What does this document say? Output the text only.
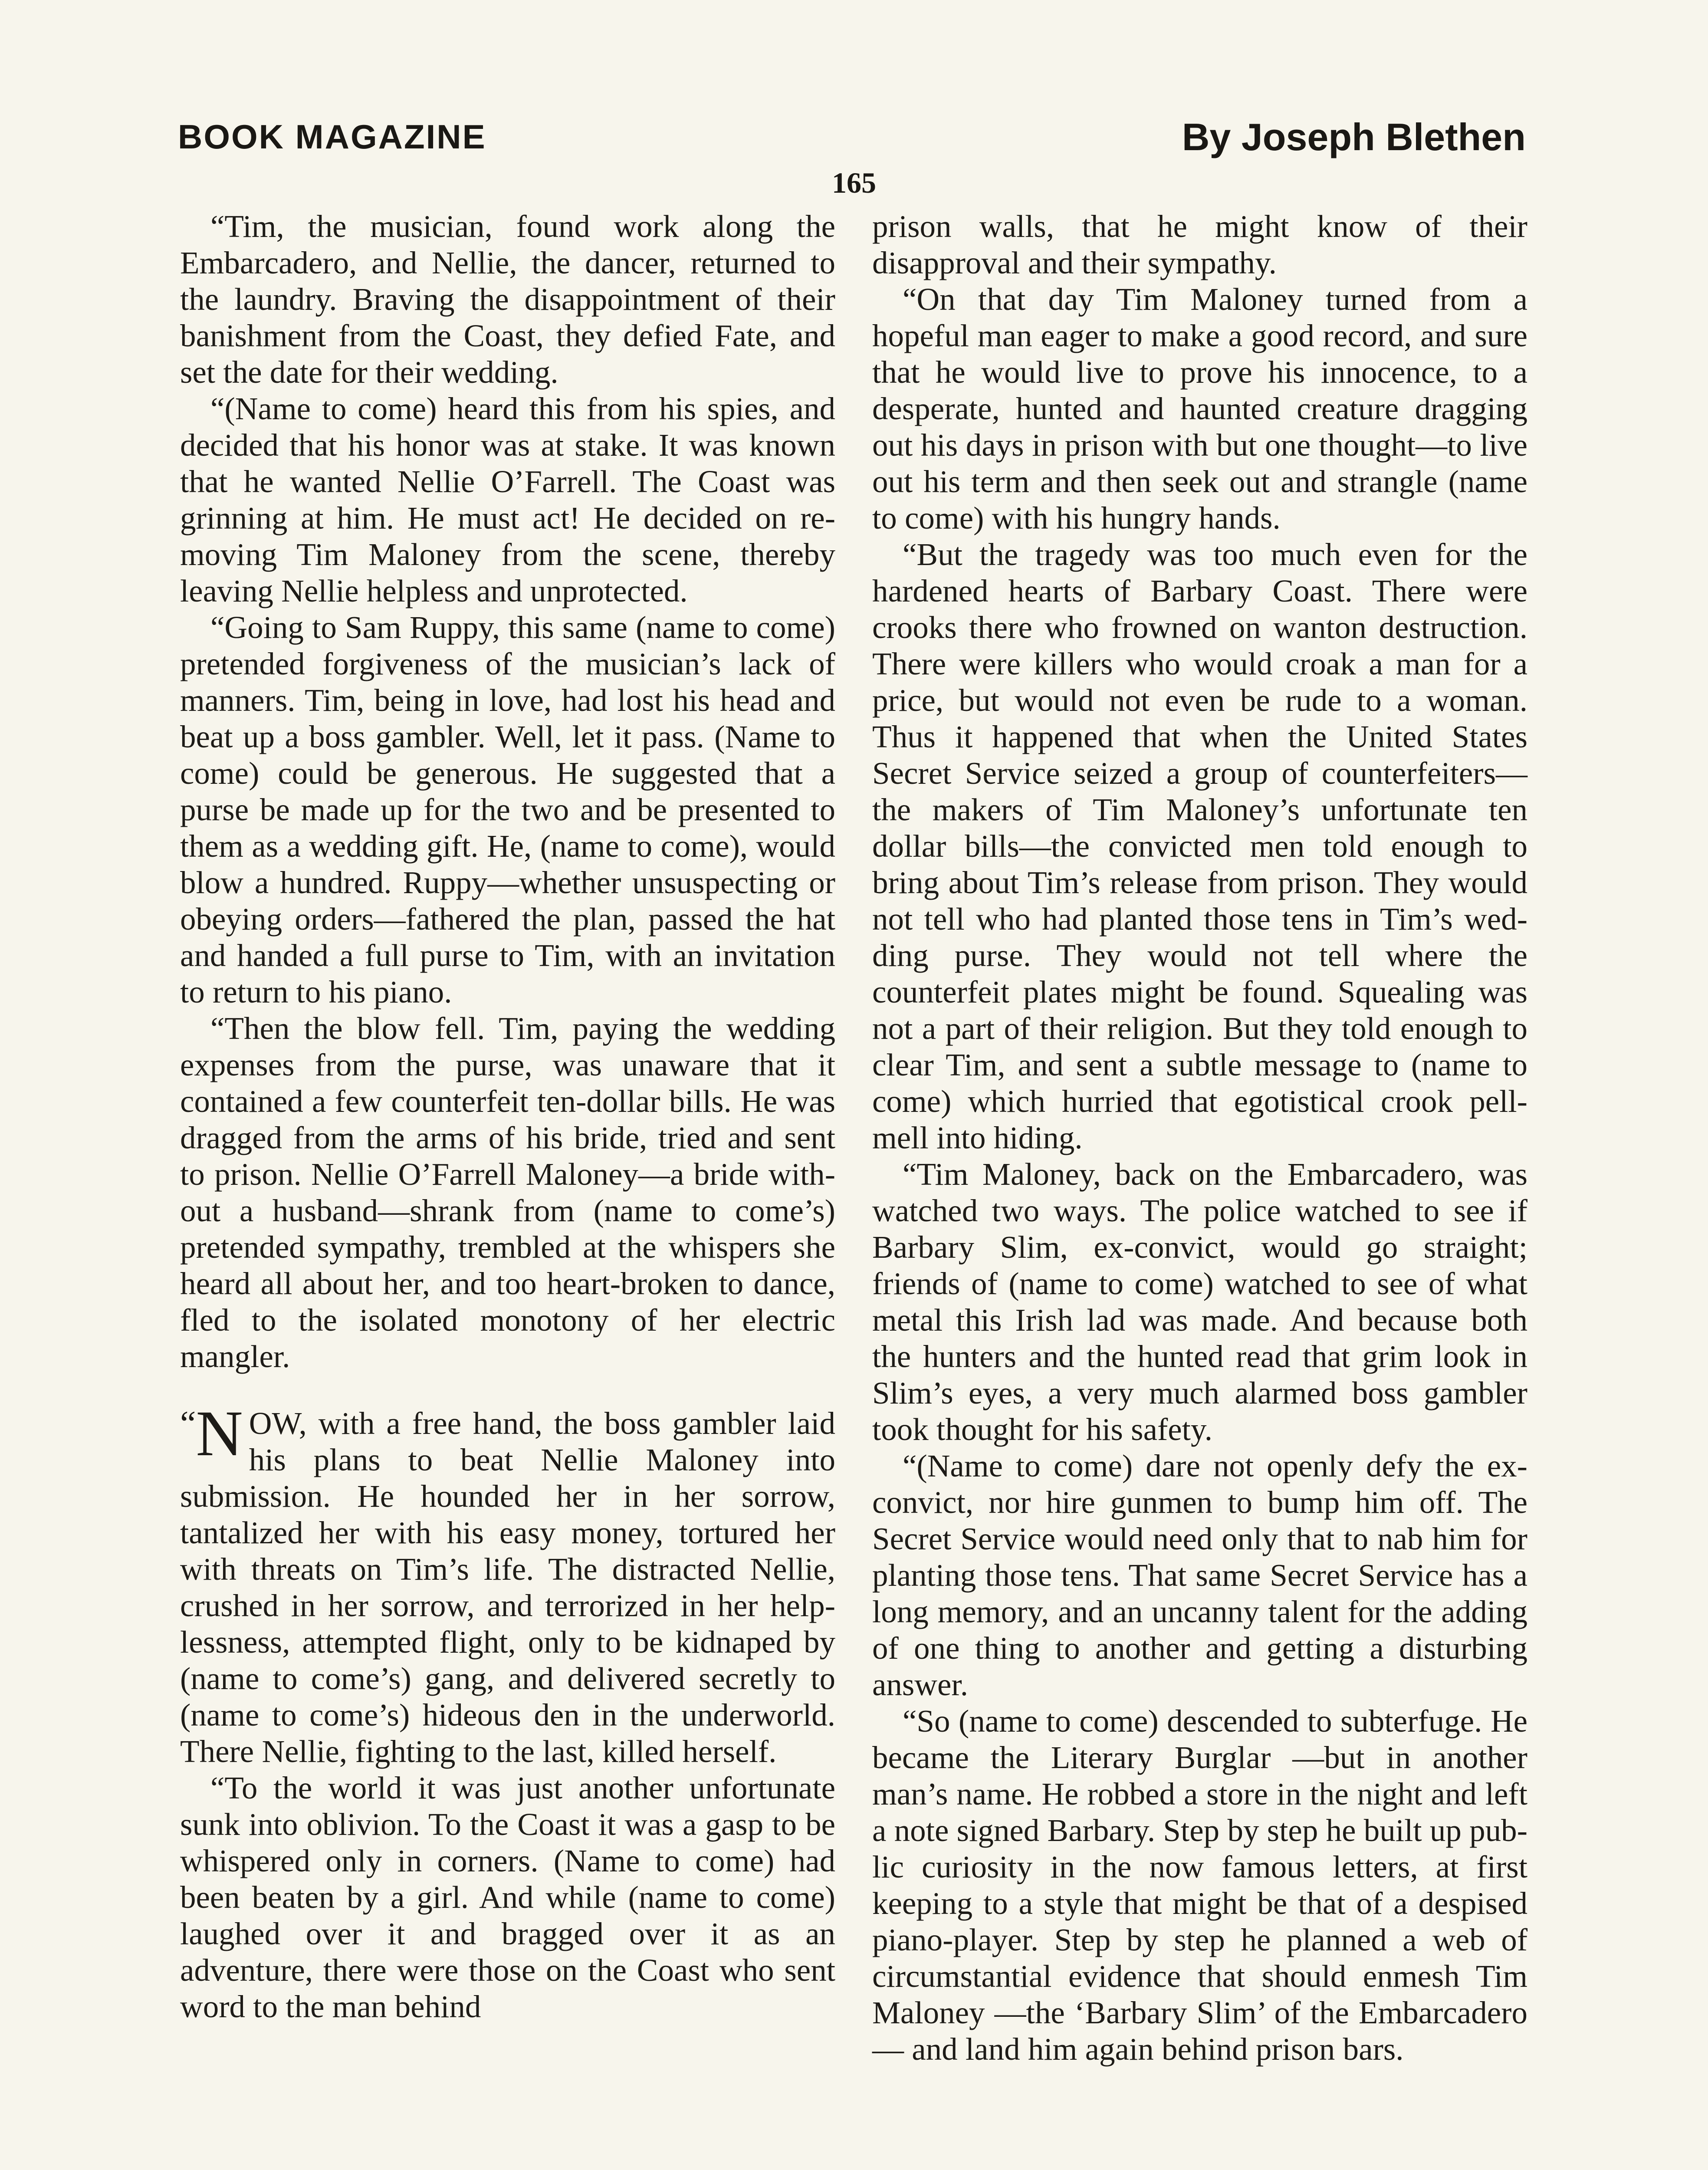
BOOK MAGAZINE	By Joseph Blethen
165

“Tim, the musician, found work along the Embarcadero, and Nellie, the dancer, returned to the laundry. Braving the disappointment of their banishment from the Coast, they defied Fate, and set the date for their wedding.

“(Name to come) heard this from his spies, and decided that his honor was at stake. It was known that he wanted Nellie O’Farrell. The Coast was grinning at him. He must act! He decided on removing Tim Maloney from the scene, thereby leaving Nellie helpless and unprotected.

“Going to Sam Ruppy, this same (name to come) pretended forgiveness of the musician’s lack of manners. Tim, being in love, had lost his head and beat up a boss gambler. Well, let it pass. (Name to come) could be generous. He suggested that a purse be made up for the two and be presented to them as a wedding gift. He, (name to come), would blow a hundred. Ruppy—whether unsuspecting or obeying orders—fathered the plan, passed the hat and handed a full purse to Tim, with an invitation to return to his piano.

“Then the blow fell. Tim, paying the wedding expenses from the purse, was unaware that it contained a few counterfeit ten-dollar bills. He was dragged from the arms of his bride, tried and sent to prison. Nellie O’Farrell Maloney—a bride without a husband—shrank from (name to come’s) pretended sympathy, trembled at the whispers she heard all about her, and too heart-broken to dance, fled to the isolated monotony of her electric mangler.

“N OW, with a free hand, the boss gambler laid his plans to beat Nellie Maloney into submission. He hounded her in her sorrow, tantalized her with his easy money, tortured her with threats on Tim’s life. The distracted Nellie, crushed in her sorrow, and terrorized in her helplessness, attempted flight, only to be kidnaped by (name to come’s) gang, and delivered secretly to (name to come’s) hideous den in the underworld. There Nellie, fighting to the last, killed herself.

“To the world it was just another unfortunate sunk into oblivion. To the Coast it was a gasp to be whispered only in corners. (Name to come) had been beaten by a girl. And while (name to come) laughed over it and bragged over it as an adventure, there were those on the Coast who sent word to the man behind

prison walls, that he might know of their disapproval and their sympathy.

“On that day Tim Maloney turned from a hopeful man eager to make a good record, and sure that he would live to prove his innocence, to a desperate, hunted and haunted creature dragging out his days in prison with but one thought—to live out his term and then seek out and strangle (name to come) with his hungry hands.

“But the tragedy was too much even for the hardened hearts of Barbary Coast. There were crooks there who frowned on wanton destruction. There were killers who would croak a man for a price, but would not even be rude to a woman. Thus it happened that when the United States Secret Service seized a group of counterfeiters—the makers of Tim Maloney’s unfortunate ten dollar bills—the convicted men told enough to bring about Tim’s release from prison. They would not tell who had planted those tens in Tim’s wedding purse. They would not tell where the counterfeit plates might be found. Squealing was not a part of their religion. But they told enough to clear Tim, and sent a subtle message to (name to come) which hurried that egotistical crook pell-mell into hiding.

“Tim Maloney, back on the Embarcadero, was watched two ways. The police watched to see if Barbary Slim, ex-convict, would go straight; friends of (name to come) watched to see of what metal this Irish lad was made. And because both the hunters and the hunted read that grim look in Slim’s eyes, a very much alarmed boss gambler took thought for his safety.

“(Name to come) dare not openly defy the ex-convict, nor hire gunmen to bump him off. The Secret Service would need only that to nab him for planting those tens. That same Secret Service has a long memory, and an uncanny talent for the adding of one thing to another and getting a disturbing answer.

“So (name to come) descended to subterfuge. He became the Literary Burglar —but in another man’s name. He robbed a store in the night and left a note signed Barbary. Step by step he built up public curiosity in the now famous letters, at first keeping to a style that might be that of a despised piano-player. Step by step he planned a web of circumstantial evidence that should enmesh Tim Maloney —the ‘Barbary Slim’ of the Embarcadero— and land him again behind prison bars.
